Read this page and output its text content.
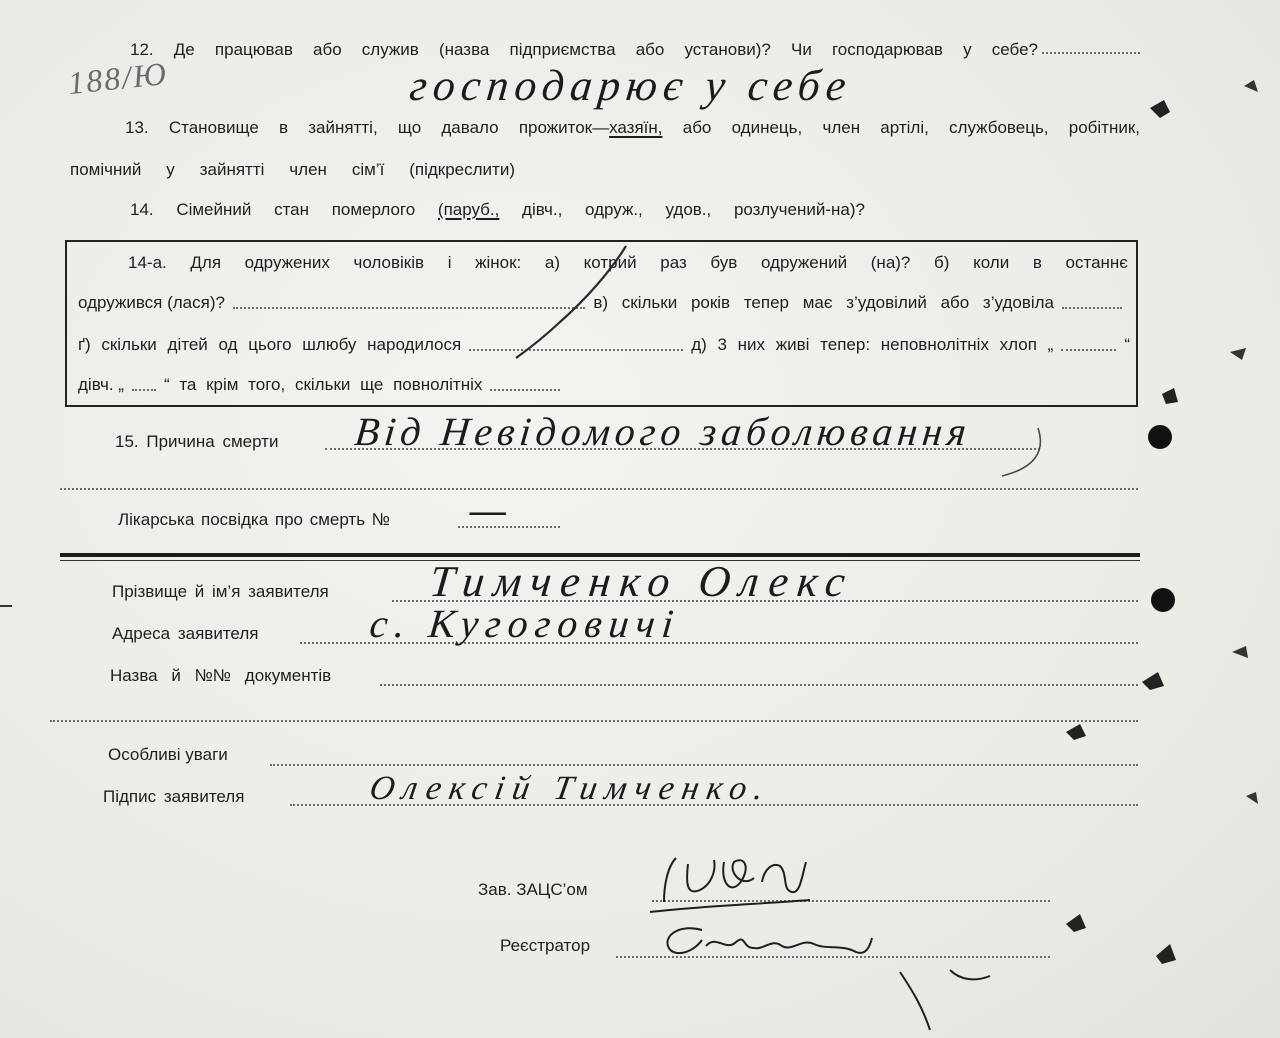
188/Ю
12. Де працював або служив (назва підприємства або установи)? Чи господарював у себе?
господарює у себе
13. Становище в зайнятті, що давало прожиток—хазяїн, або одинець, член артілі, службовець, робітник,
помічний у зайнятті член сім’ї (підкреслити)
14. Сімейний стан померлого (паруб., дівч., одруж., удов., розлучений-на)?
14-а. Для одружених чоловіків і жінок: а) котрий раз був одружений (на)? б) коли в останнє
одружився (лася)?	в) скільки років тепер має з’удовілий або з’удовіла
ґ) скільки дітей од цього шлюбу народилося	д) 3 них живі тепер: неповнолітніх хлоп „	“
дівч. „ “ та крім того, скільки ще повнолітніх
15. Причина смерти Від Невідомого заболювання
Лікарська посвідка про смерть № —
Прізвище й ім’я заявителя Тимченко Олекс
Адреса заявителя	с. Кугоговичі
Назва й №№ документів
Особливі уваги
Підпис заявителя	Олексій Тимченко.
Зав. ЗАЦС’ом
Реєстратор
